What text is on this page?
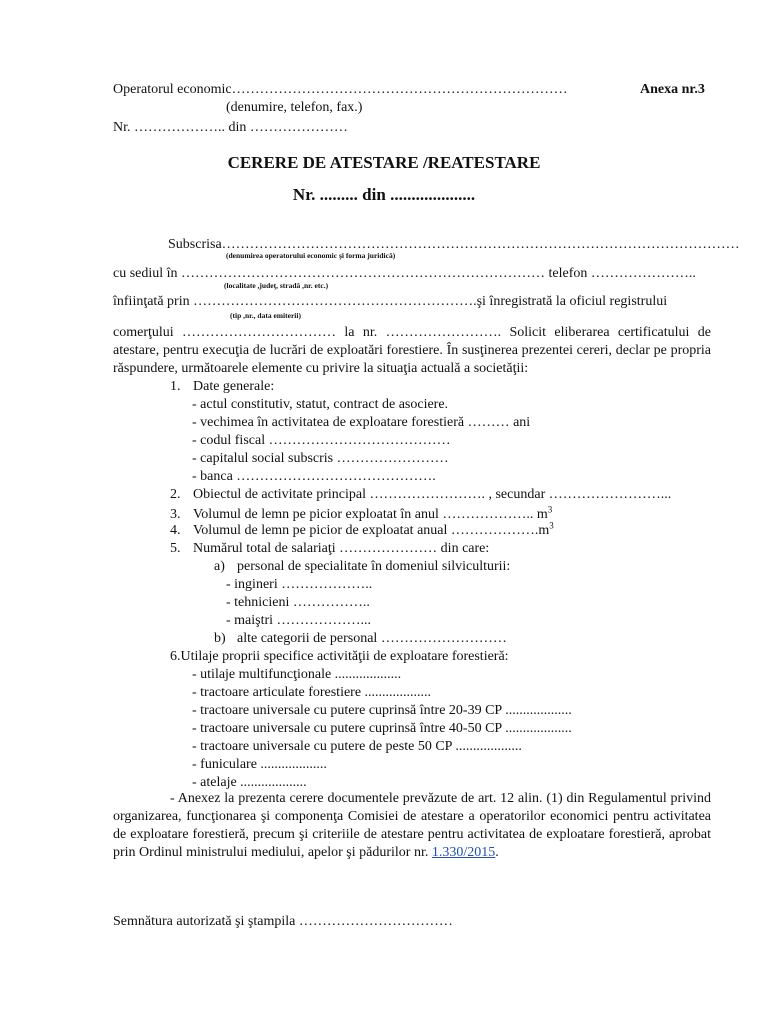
Operatorul economic………………………………………………………………	Anexa nr.3
(denumire, telefon, fax.)
Nr. ……………….. din …………………
CERERE DE ATESTARE /REATESTARE
Nr. ......... din ....................
Subscrisa…………………………………………………………………………………………………
(denumirea operatorului economic şi forma juridică)
cu sediul în …………………………………………………………………… telefon …………………..
(localitate ,judeţ, stradă ,nr. etc.)
înfiinţată prin …………………………………………………….şi înregistrată la oficiul registrului
(tip ,nr., data emiterii)
comerţului …………………………… la nr. ……………………. Solicit eliberarea certificatului de atestare, pentru execuţia de lucrări de exploatări forestiere. În susţinerea prezentei cereri, declar pe propria răspundere, următoarele elemente cu privire la situaţia actuală a societăţii:
1. Date generale:
- actul constitutiv, statut, contract de asociere.
- vechimea în activitatea de exploatare forestieră ……… ani
- codul fiscal …………………………………
- capitalul social subscris ……………………
- banca …………………………………….
2. Obiectul de activitate principal ……………………. , secundar ……………………...
3. Volumul de lemn pe picior exploatat în anul ……………….. $m^3$
4. Volumul de lemn pe picior de exploatat anual $\dots\dots\dots\dots\dots\dots.m^3$
5. Numărul total de salariaţi ………………… din care:
a) personal de specialitate în domeniul silviculturii:
- ingineri ………………..
- tehnicieni ……………..
- maiştri ………………...
b) alte categorii de personal ………………………
6.Utilaje proprii specifice activităţii de exploatare forestieră:
- utilaje multifuncţionale ...................
- tractoare articulate forestiere ...................
- tractoare universale cu putere cuprinsă între 20-39 CP ...................
- tractoare universale cu putere cuprinsă între 40-50 CP ...................
- tractoare universale cu putere de peste 50 CP ...................
- funiculare ...................
- atelaje ...................
- Anexez la prezenta cerere documentele prevăzute de art. 12 alin. (1) din Regulamentul privind organizarea, funcţionarea şi componenţa Comisiei de atestare a operatorilor economici pentru activitatea de exploatare forestieră, precum şi criteriile de atestare pentru activitatea de exploatare forestieră, aprobat prin Ordinul ministrului mediului, apelor şi pădurilor nr. 1.330/2015.
Semnătura autorizată şi ştampila ……………………………
